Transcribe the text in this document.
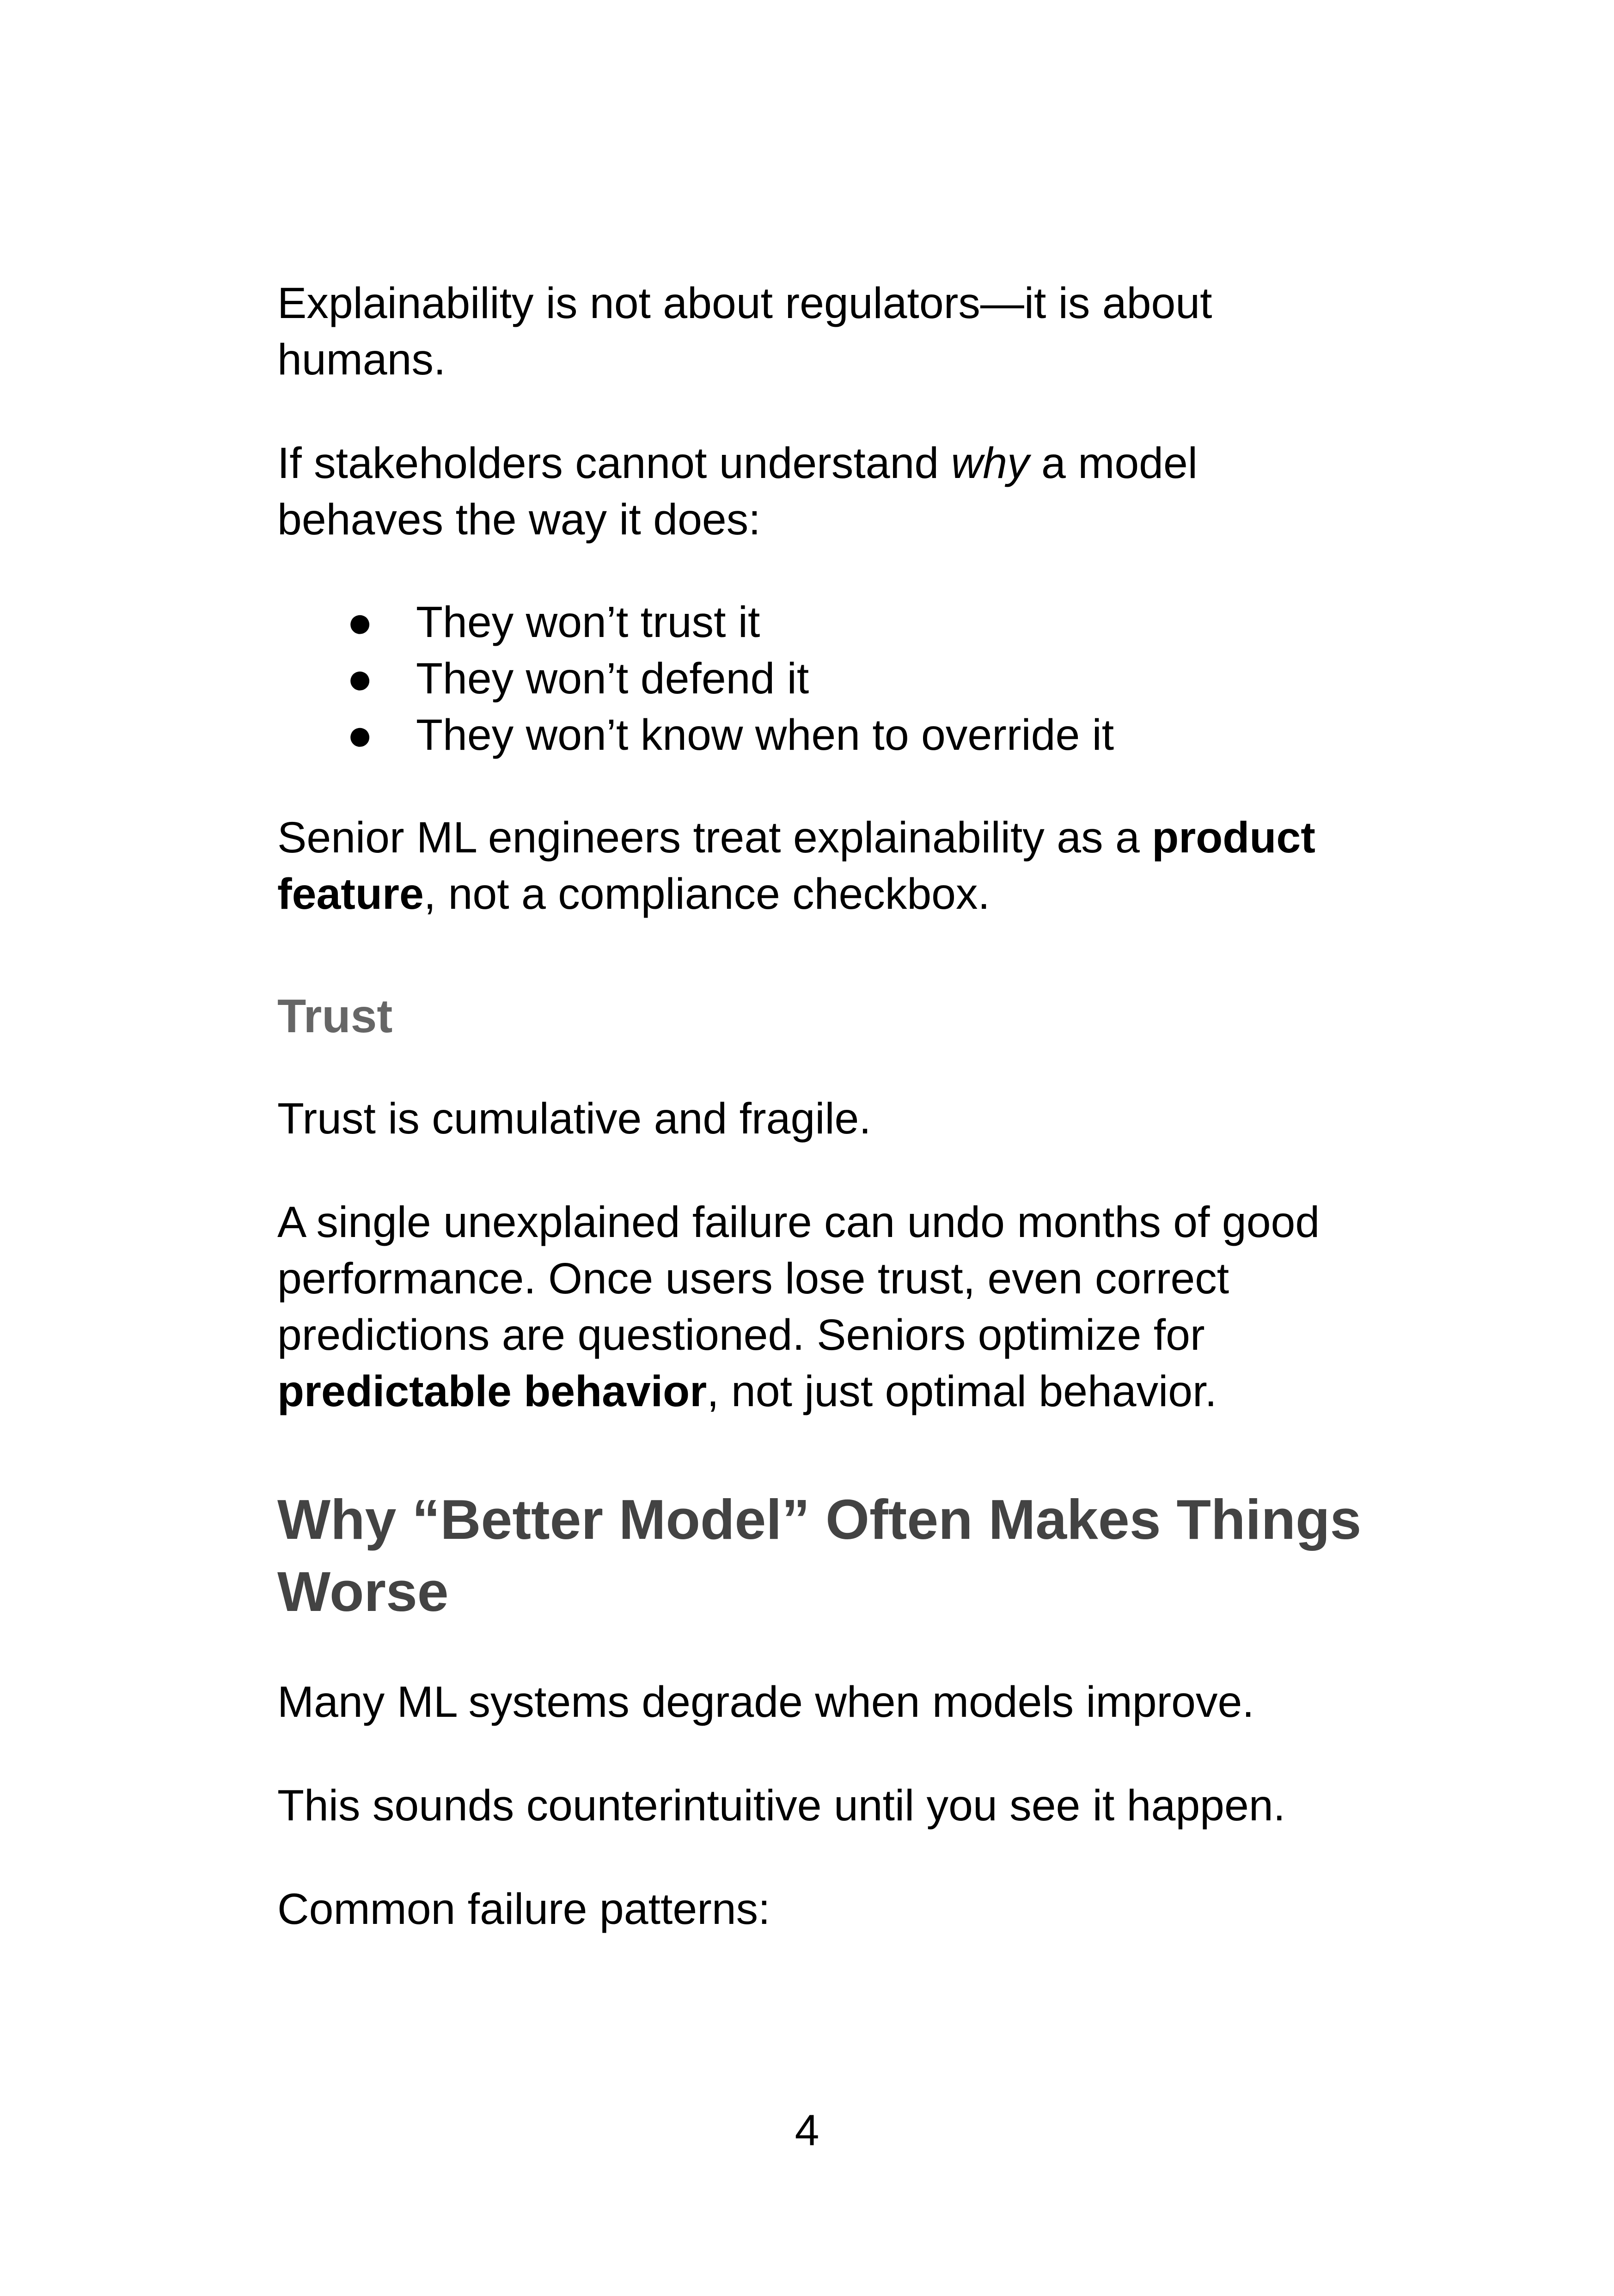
Explainability is not about regulators—it is about humans.

If stakeholders cannot understand why a model behaves the way it does:

● They won’t trust it
● They won’t defend it
● They won’t know when to override it

Senior ML engineers treat explainability as a product feature, not a compliance checkbox.

Trust

Trust is cumulative and fragile.

A single unexplained failure can undo months of good performance. Once users lose trust, even correct predictions are questioned. Seniors optimize for predictable behavior, not just optimal behavior.

Why “Better Model” Often Makes Things Worse

Many ML systems degrade when models improve.

This sounds counterintuitive until you see it happen.

Common failure patterns:

4
